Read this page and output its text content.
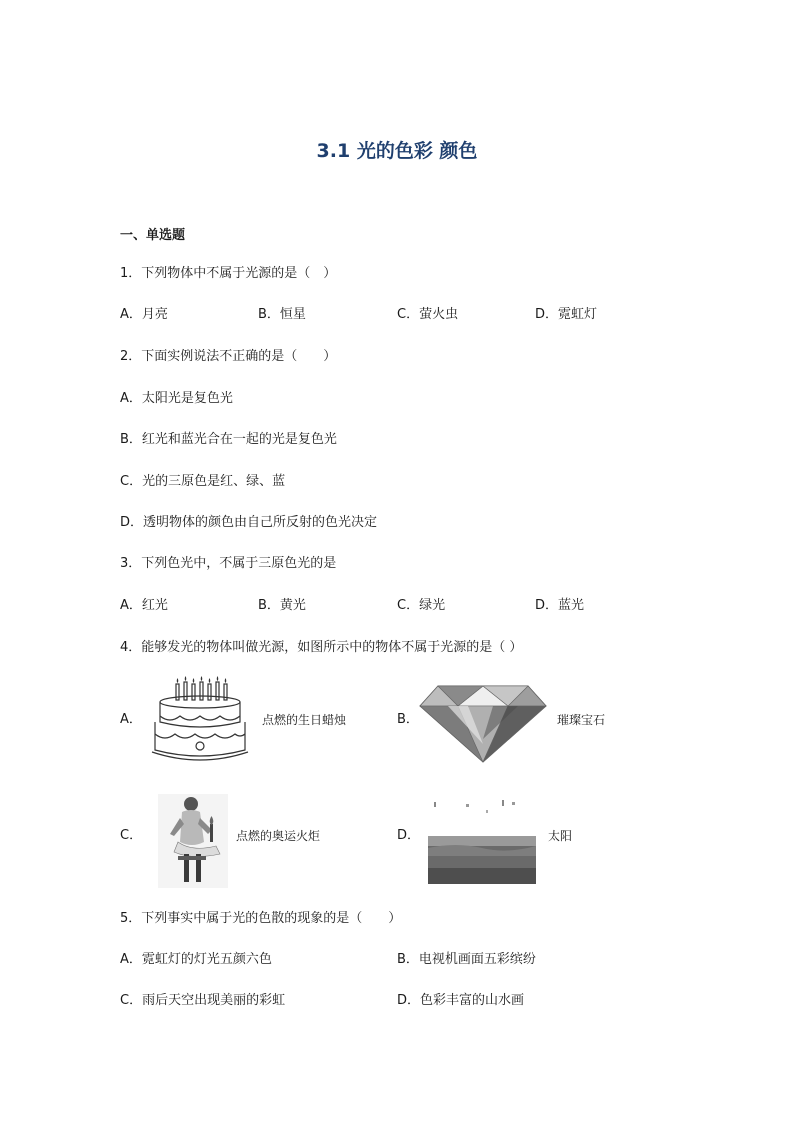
3.1 光的色彩 颜色
一、单选题
1．下列物体中不属于光源的是（　）
A．月亮	B．恒星	C．萤火虫	D．霓虹灯
2．下面实例说法不正确的是（　　）
A．太阳光是复色光
B．红光和蓝光合在一起的光是复色光
C．光的三原色是红、绿、蓝
D．透明物体的颜色由自己所反射的色光决定
3．下列色光中，不属于三原色光的是
A．红光	B．黄光	C．绿光	D．蓝光
4．能够发光的物体叫做光源，如图所示中的物体不属于光源的是（ ）
A．	点燃的生日蜡烛	B．	璀璨宝石
C．	点燃的奥运火炬	D．	太阳
5．下列事实中属于光的色散的现象的是（　　）
A．霓虹灯的灯光五颜六色	B．电视机画面五彩缤纷
C．雨后天空出现美丽的彩虹	D．色彩丰富的山水画
